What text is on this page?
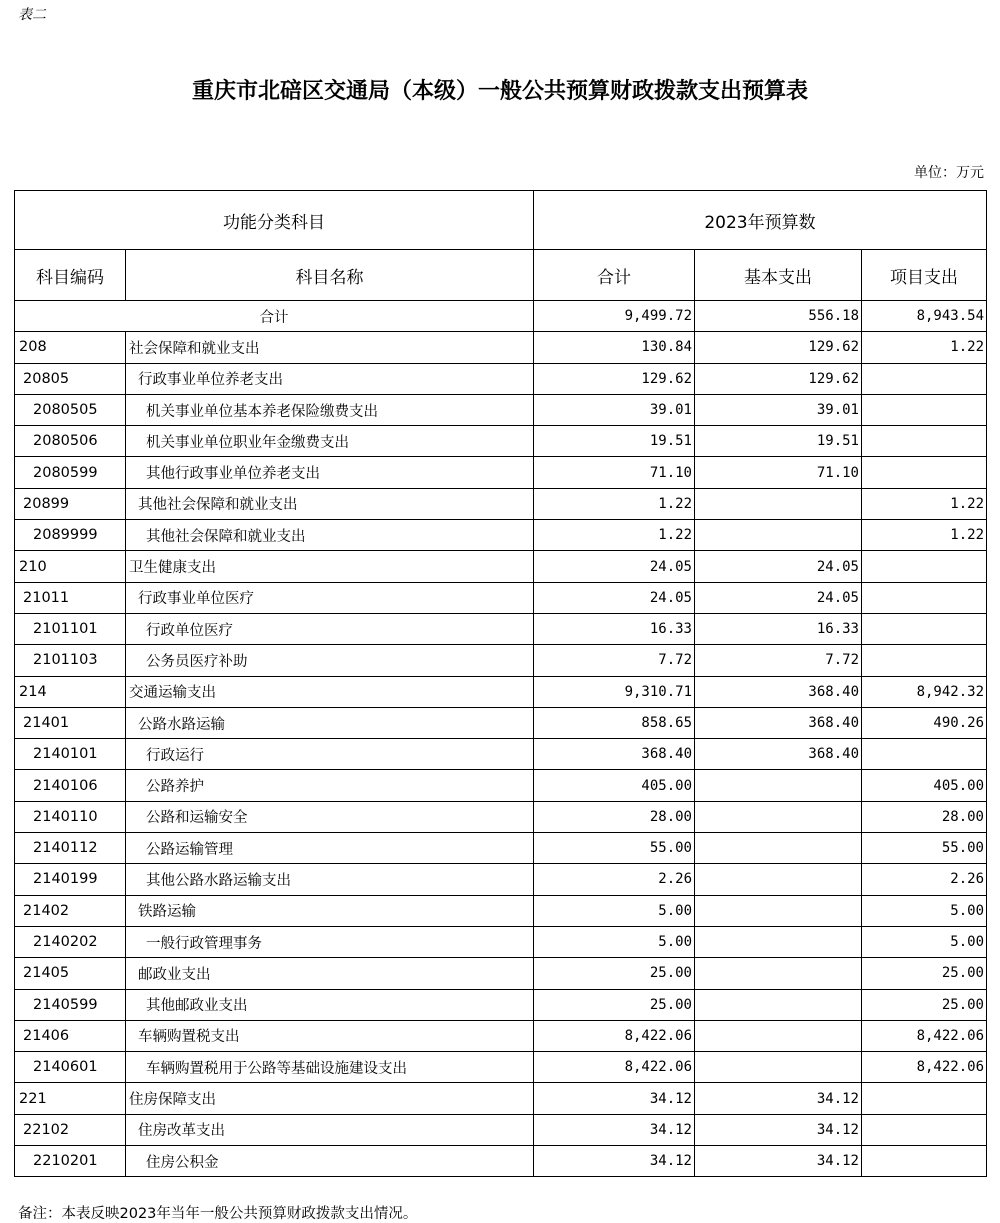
表二
重庆市北碚区交通局（本级）一般公共预算财政拨款支出预算表
单位：万元
功能分类科目		2023年预算数		
科目编码	科目名称	合计	基本支出	项目支出
合计		9,499.72	556.18	8,943.54
208	社会保障和就业支出	130.84	129.62	1.22
20805	行政事业单位养老支出	129.62	129.62	
2080505	机关事业单位基本养老保险缴费支出	39.01	39.01	
2080506	机关事业单位职业年金缴费支出	19.51	19.51	
2080599	其他行政事业单位养老支出	71.10	71.10	
20899	其他社会保障和就业支出	1.22		1.22
2089999	其他社会保障和就业支出	1.22		1.22
210	卫生健康支出	24.05	24.05	
21011	行政事业单位医疗	24.05	24.05	
2101101	行政单位医疗	16.33	16.33	
2101103	公务员医疗补助	7.72	7.72	
214	交通运输支出	9,310.71	368.40	8,942.32
21401	公路水路运输	858.65	368.40	490.26
2140101	行政运行	368.40	368.40	
2140106	公路养护	405.00		405.00
2140110	公路和运输安全	28.00		28.00
2140112	公路运输管理	55.00		55.00
2140199	其他公路水路运输支出	2.26		2.26
21402	铁路运输	5.00		5.00
2140202	一般行政管理事务	5.00		5.00
21405	邮政业支出	25.00		25.00
2140599	其他邮政业支出	25.00		25.00
21406	车辆购置税支出	8,422.06		8,422.06
2140601	车辆购置税用于公路等基础设施建设支出	8,422.06		8,422.06
221	住房保障支出	34.12	34.12	
22102	住房改革支出	34.12	34.12	
2210201	住房公积金	34.12	34.12	
备注：本表反映2023年当年一般公共预算财政拨款支出情况。
